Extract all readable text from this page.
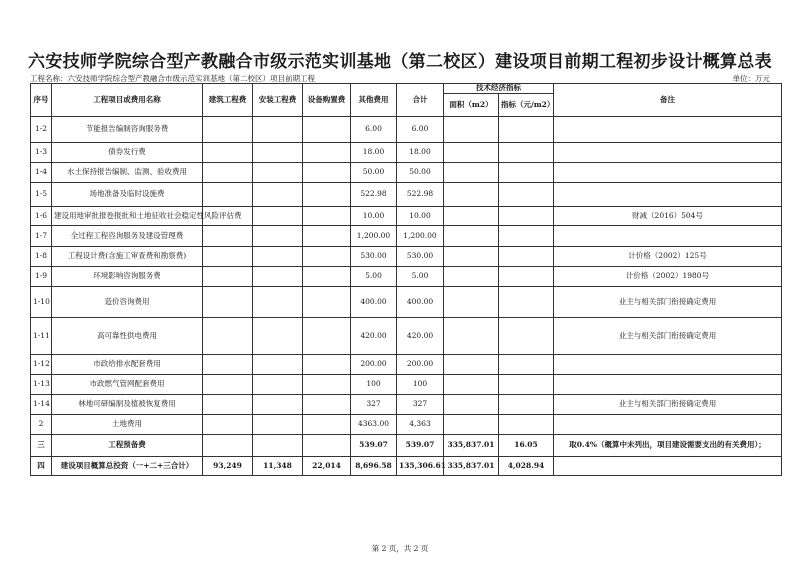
六安技师学院综合型产教融合市级示范实训基地（第二校区）建设项目前期工程初步设计概算总表
工程名称：六安技师学院综合型产教融合市级示范实训基地（第二校区）项目前期工程	单位：万元
序号	工程项目或费用名称	建筑工程费	安装工程费	设备购置费	其他费用	合计	技术经济指标		备注
							面积（m2）	指标（元/m2）	
1-2	节能报告编制咨询服务费				6.00	6.00			
1-3	债券发行费				18.00	18.00			
1-4	水土保持报告编制、监测、验收费用				50.00	50.00			
1-5	场地准备及临时设施费				522.98	522.98			
1-6	建设用地审批报卷报批和土地征收社会稳定性风险评估费				10.00	10.00			财减（2016）504号
1-7	全过程工程咨询服务及建设管理费				1,200.00	1,200.00			
1-8	工程设计费(含施工审查费和勘察费)				530.00	530.00			计价格（2002）125号
1-9	环境影响咨询服务费				5.00	5.00			计价格（2002）1980号
1-10	造价咨询费用				400.00	400.00			业主与相关部门衔接确定费用
1-11	高可靠性供电费用				420.00	420.00			业主与相关部门衔接确定费用
1-12	市政给排水配套费用				200.00	200.00			
1-13	市政燃气管网配套费用				100	100			
1-14	林地可研编制及植被恢复费用				327	327			业主与相关部门衔接确定费用
2	土地费用				4363.00	4,363			
三	工程预备费				539.07	539.07	335,837.01	16.05	取0.4%（概算中未列出，项目建设需要支出的有关费用）；
四	建设项目概算总投资（一+二+三合计）	93,249	11,348	22,014	8,696.58	135,306.61	335,837.01	4,028.94	
第 2 页，共 2 页
